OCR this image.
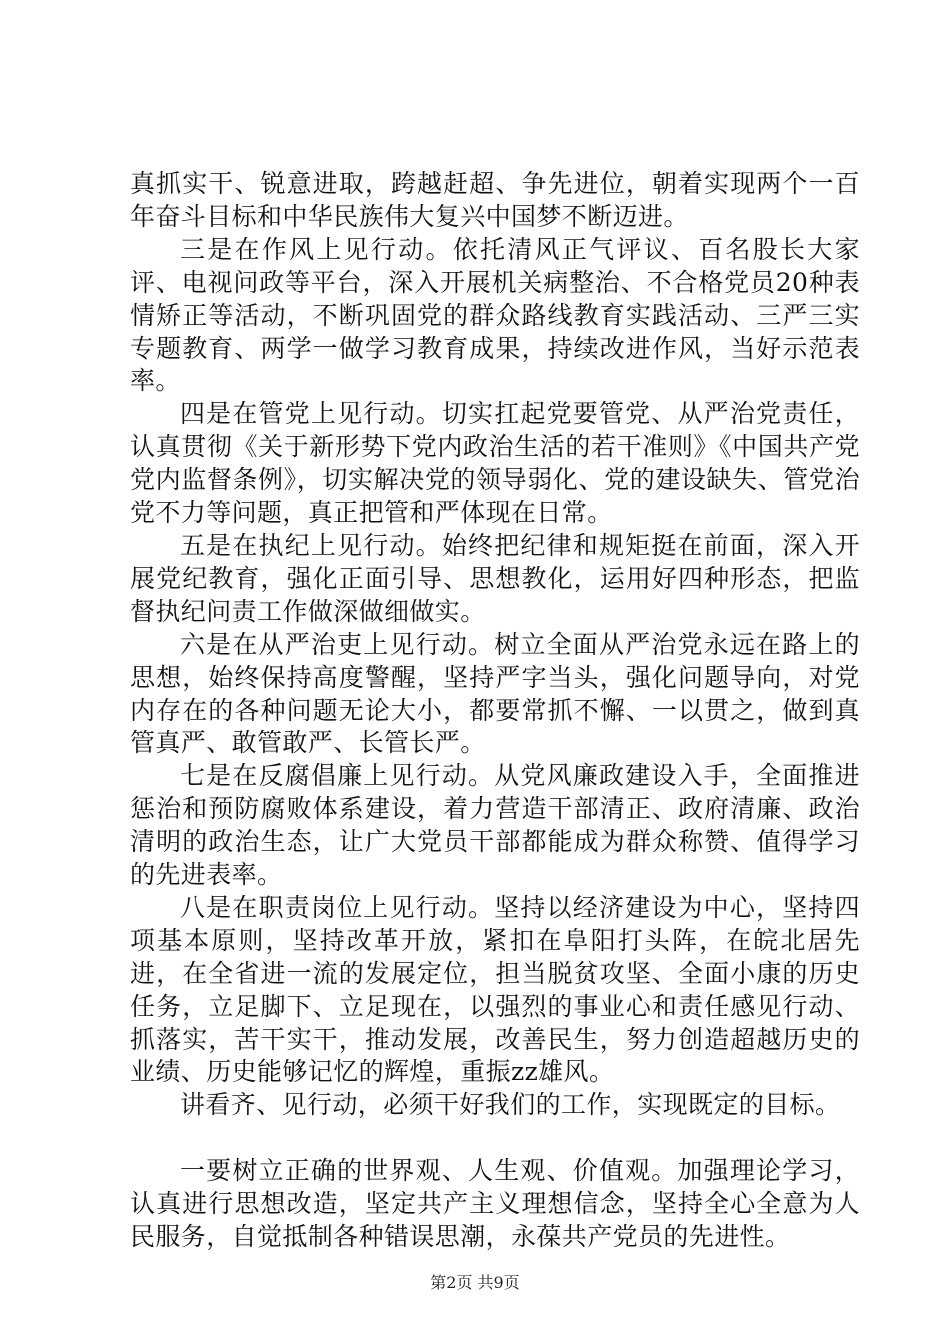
真抓实干、锐意进取，跨越赶超、争先进位，朝着实现两个一百年奋斗目标和中华民族伟大复兴中国梦不断迈进。

三是在作风上见行动。依托清风正气评议、百名股长大家评、电视问政等平台，深入开展机关病整治、不合格党员20种表情矫正等活动，不断巩固党的群众路线教育实践活动、三严三实专题教育、两学一做学习教育成果，持续改进作风，当好示范表率。

四是在管党上见行动。切实扛起党要管党、从严治党责任，认真贯彻《关于新形势下党内政治生活的若干准则》《中国共产党党内监督条例》，切实解决党的领导弱化、党的建设缺失、管党治党不力等问题，真正把管和严体现在日常。

五是在执纪上见行动。始终把纪律和规矩挺在前面，深入开展党纪教育，强化正面引导、思想教化，运用好四种形态，把监督执纪问责工作做深做细做实。

六是在从严治吏上见行动。树立全面从严治党永远在路上的思想，始终保持高度警醒，坚持严字当头，强化问题导向，对党内存在的各种问题无论大小，都要常抓不懈、一以贯之，做到真管真严、敢管敢严、长管长严。

七是在反腐倡廉上见行动。从党风廉政建设入手，全面推进惩治和预防腐败体系建设，着力营造干部清正、政府清廉、政治清明的政治生态，让广大党员干部都能成为群众称赞、值得学习的先进表率。

八是在职责岗位上见行动。坚持以经济建设为中心，坚持四项基本原则，坚持改革开放，紧扣在阜阳打头阵，在皖北居先进，在全省进一流的发展定位，担当脱贫攻坚、全面小康的历史任务，立足脚下、立足现在，以强烈的事业心和责任感见行动、抓落实，苦干实干，推动发展，改善民生，努力创造超越历史的业绩、历史能够记忆的辉煌，重振zz雄风。

讲看齐、见行动，必须干好我们的工作，实现既定的目标。

一要树立正确的世界观、人生观、价值观。加强理论学习，认真进行思想改造，坚定共产主义理想信念，坚持全心全意为人民服务，自觉抵制各种错误思潮，永葆共产党员的先进性。

第2页 共9页
